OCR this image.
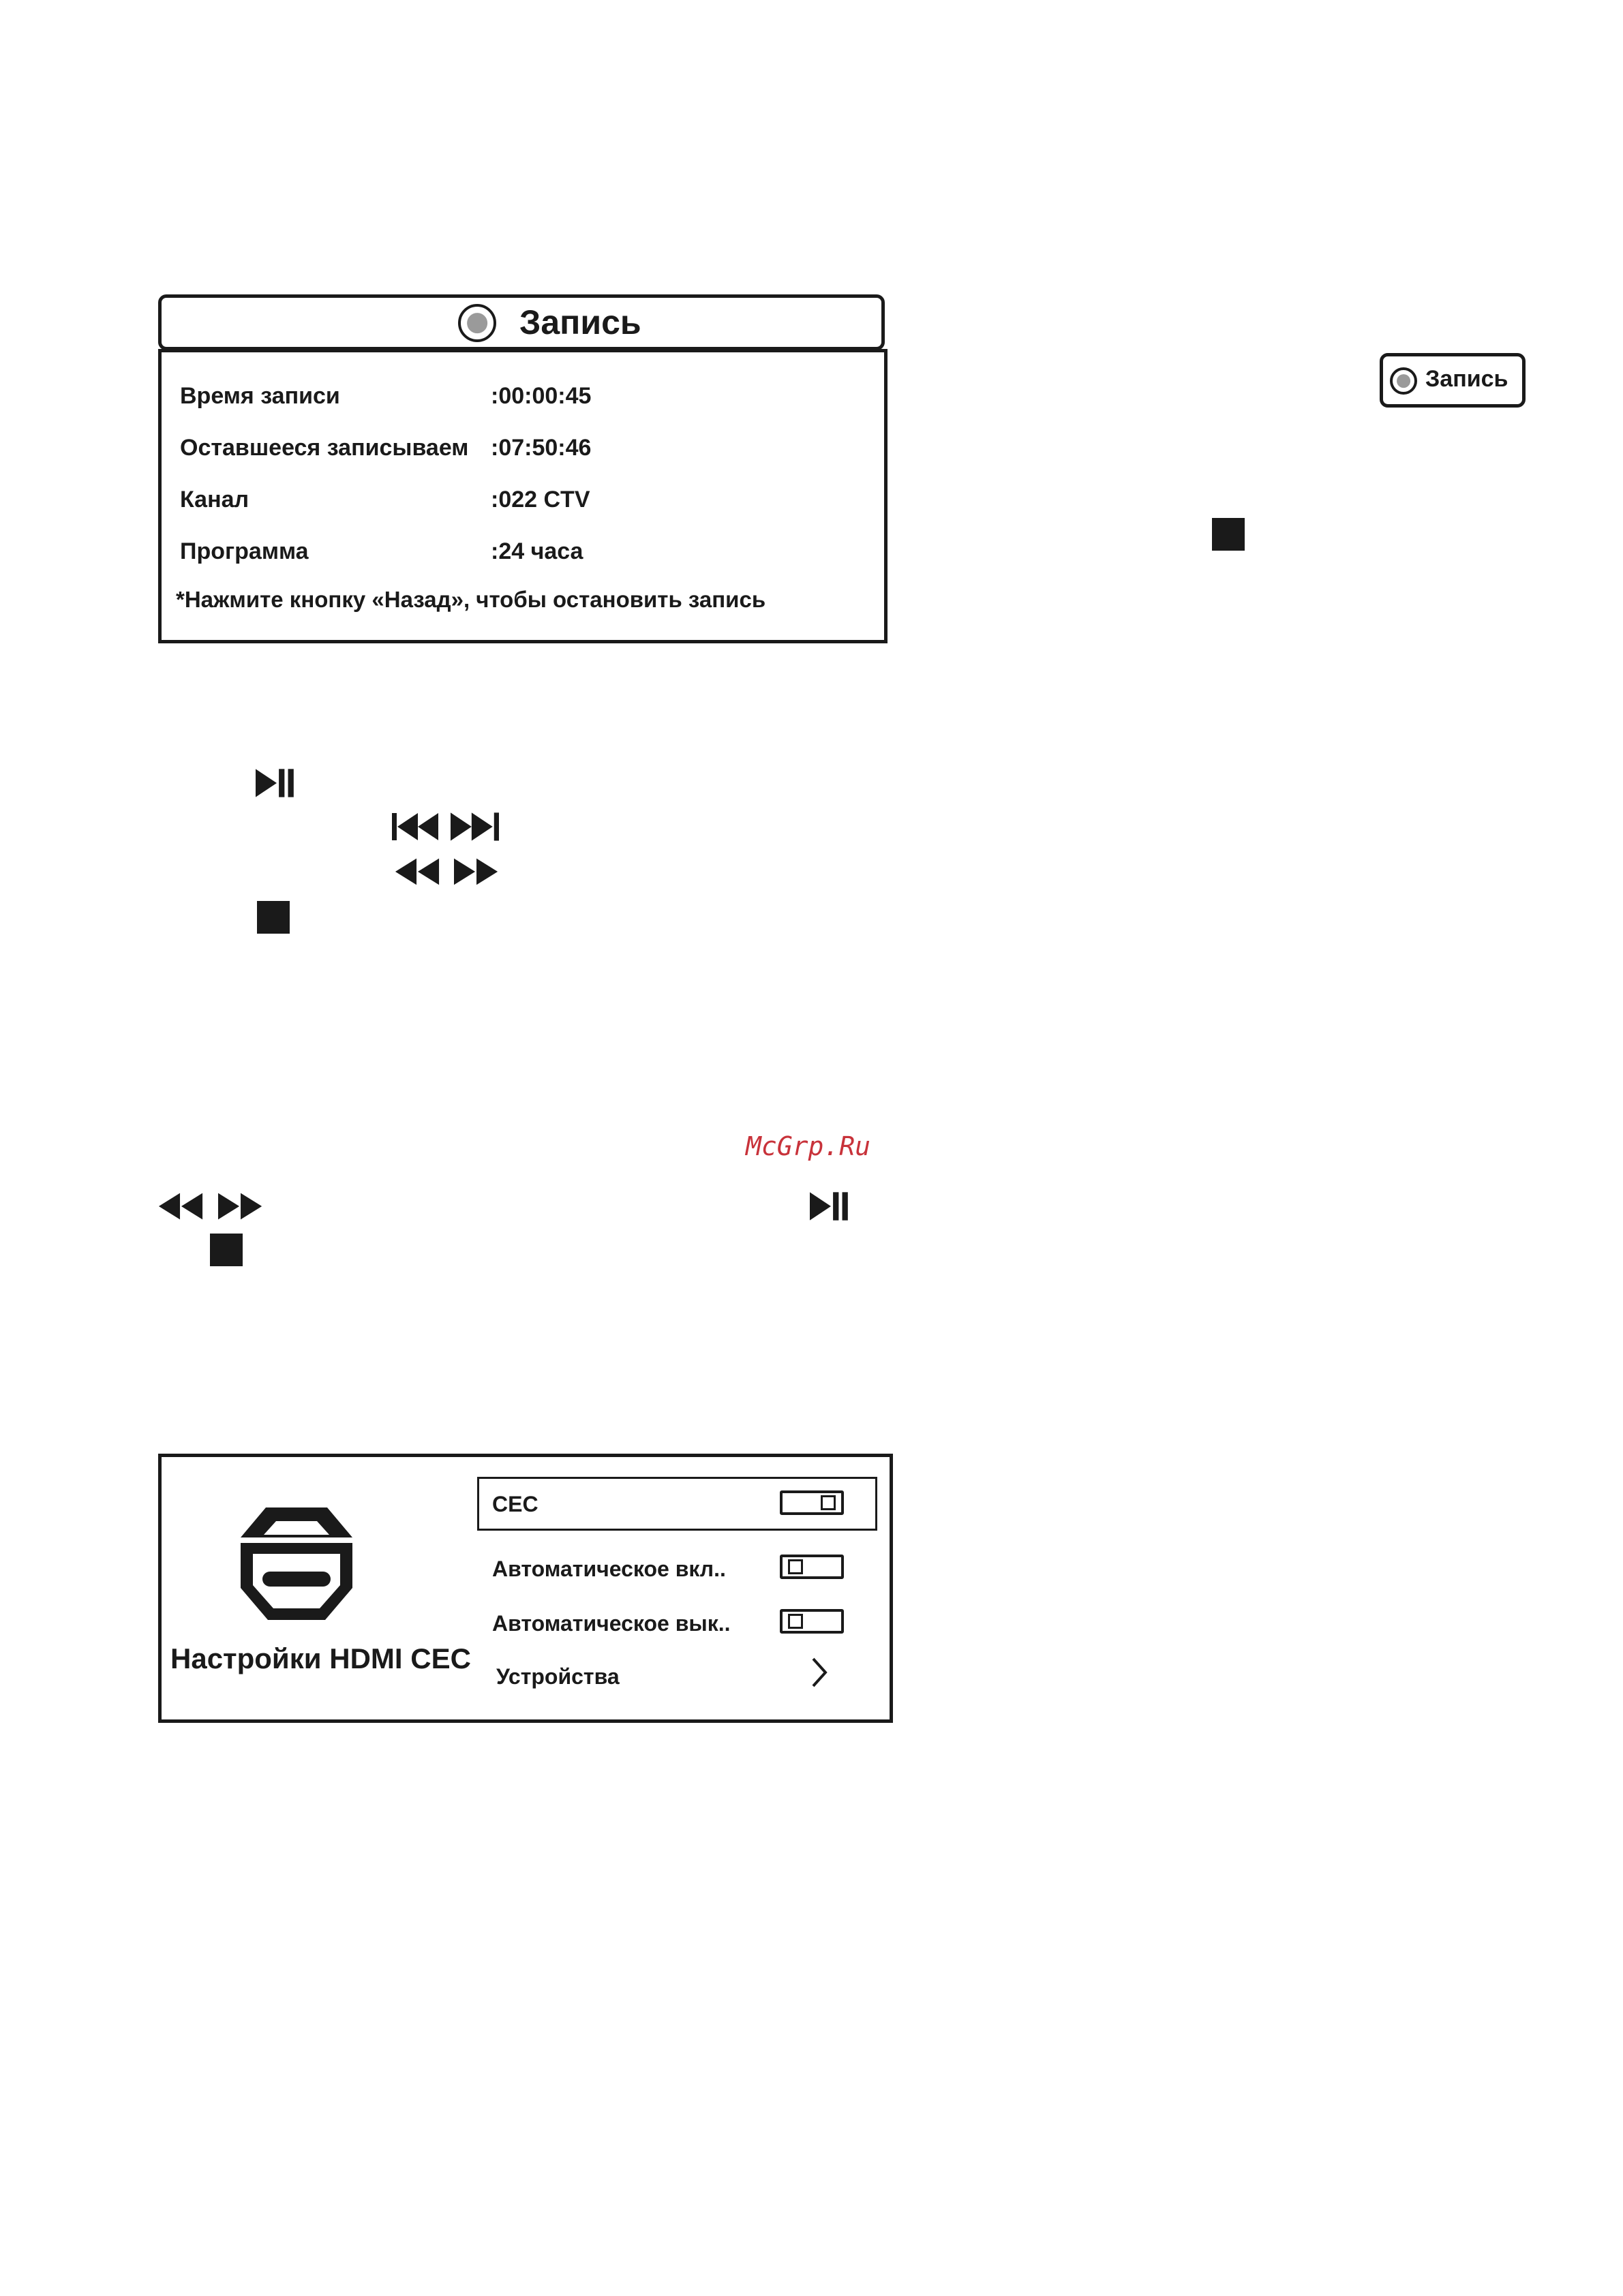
Запись
Время записи	:00:00:45
Оставшееся записываем :07:50:46
Канал	:022 CTV
Программа	:24 часа
*Нажмите кнопку «Назад», чтобы остановить запись
Запись
McGrp.Ru
Настройки HDMI CEC
CEC
Автоматическое вкл..
Автоматическое вык..
Устройства
